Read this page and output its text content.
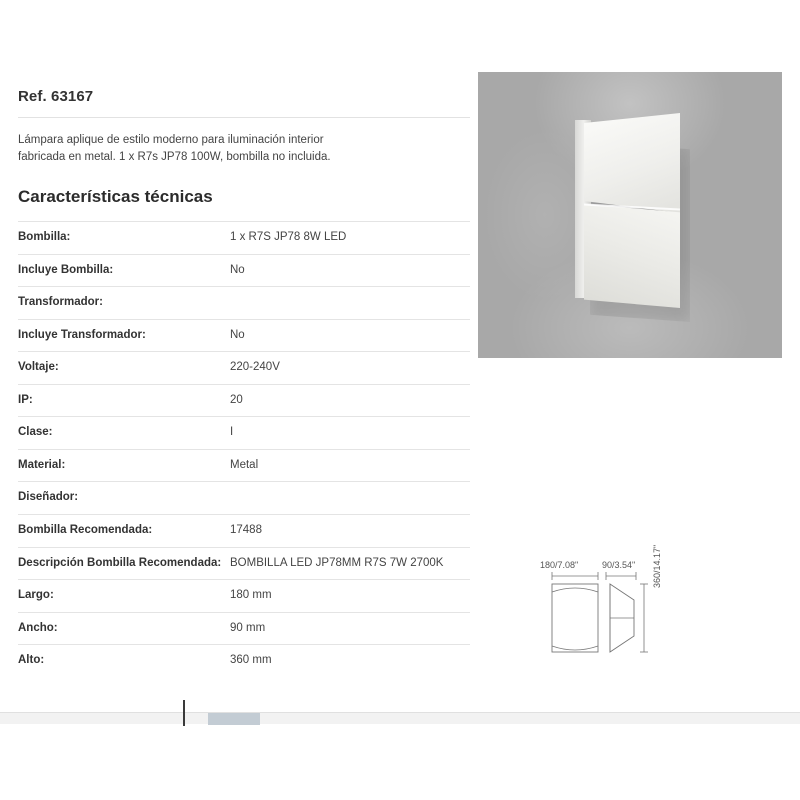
Ref. 63167

Lámpara aplique de estilo moderno para iluminación interior fabricada en metal. 1 x R7s JP78 100W, bombilla no incluida.

Características técnicas
Bombilla:	1 x R7S JP78 8W LED
Incluye Bombilla:	No
Transformador:	
Incluye Transformador:	No
Voltaje:	220-240V
IP:	20
Clase:	I
Material:	Metal
Diseñador:	
Bombilla Recomendada:	17488
Descripción Bombilla Recomendada:	BOMBILLA LED JP78MM R7S 7W 2700K
Largo:	180 mm
Ancho:	90 mm
Alto:	360 mm
180/7.08"	90/3.54" 360/14.17"
